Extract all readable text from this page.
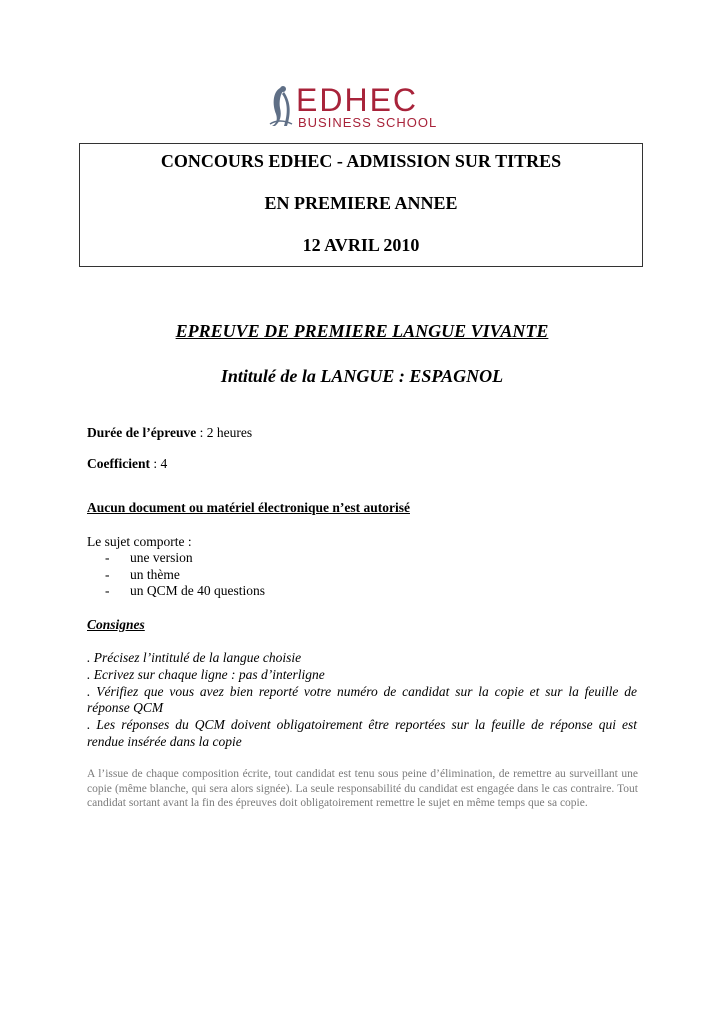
EDHEC
BUSINESS SCHOOL
CONCOURS EDHEC - ADMISSION SUR TITRES
EN PREMIERE ANNEE
12 AVRIL 2010
EPREUVE DE PREMIERE LANGUE VIVANTE
Intitulé de la LANGUE : ESPAGNOL
Durée de l’épreuve : 2 heures
Coefficient : 4
Aucun document ou matériel électronique n’est autorisé
Le sujet comporte :
- une version
- un thème
- un QCM de 40 questions
Consignes

. Précisez l’intitulé de la langue choisie

. Ecrivez sur chaque ligne : pas d’interligne

. Vérifiez que vous avez bien reporté votre numéro de candidat sur la copie et sur la feuille de réponse QCM

. Les réponses du QCM doivent obligatoirement être reportées sur la feuille de réponse qui est rendue insérée dans la copie

A l’issue de chaque composition écrite, tout candidat est tenu sous peine d’élimination, de remettre au surveillant une copie (même blanche, qui sera alors signée). La seule responsabilité du candidat est engagée dans le cas contraire. Tout candidat sortant avant la fin des épreuves doit obligatoirement remettre le sujet en même temps que sa copie.
